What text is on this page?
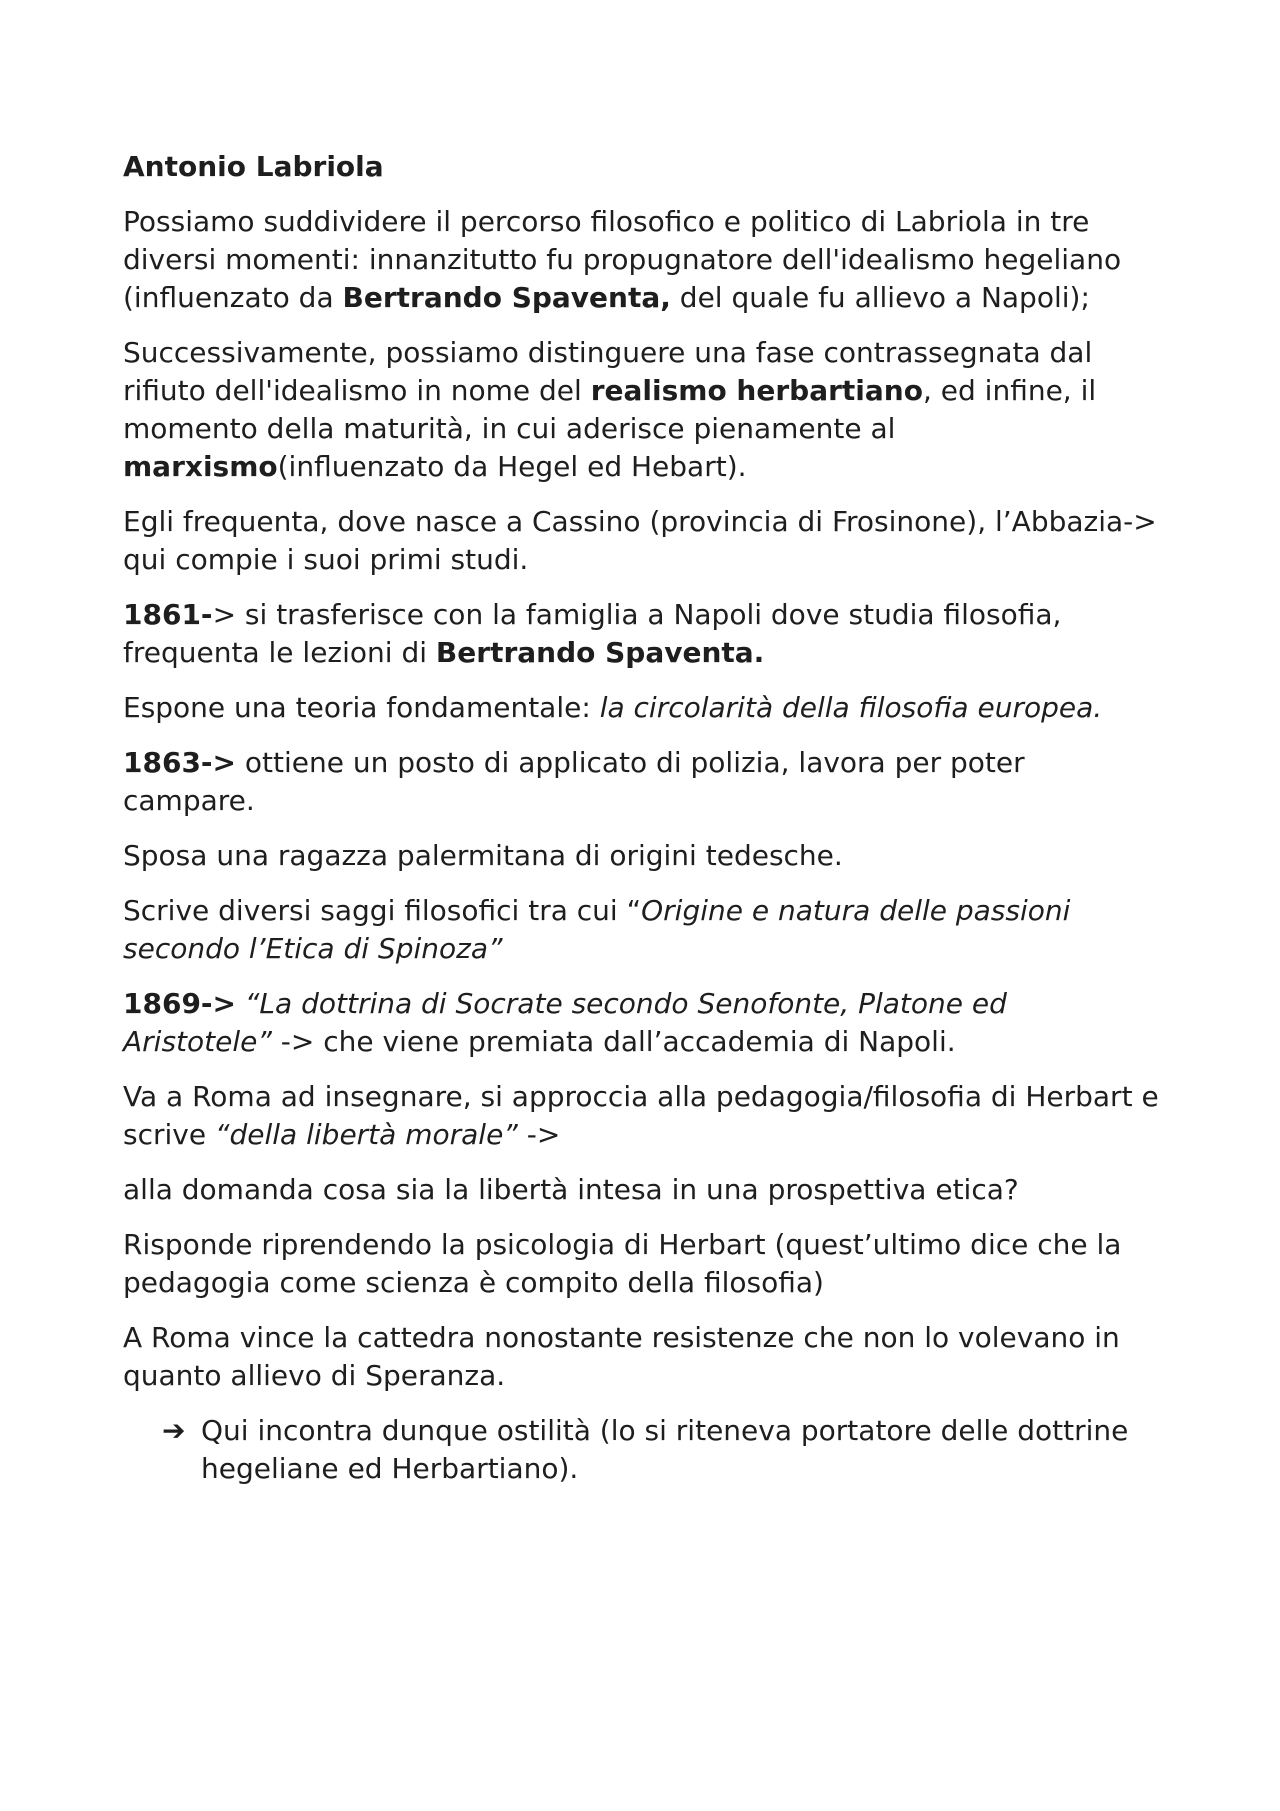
Antonio Labriola

Possiamo suddividere il percorso filosofico e politico di Labriola in tre diversi momenti: innanzitutto fu propugnatore dell'idealismo hegeliano (influenzato da Bertrando Spaventa, del quale fu allievo a Napoli);

Successivamente, possiamo distinguere una fase contrassegnata dal rifiuto dell'idealismo in nome del realismo herbartiano, ed infine, il momento della maturità, in cui aderisce pienamente al marxismo(influenzato da Hegel ed Hebart).

Egli frequenta, dove nasce a Cassino (provincia di Frosinone), l’Abbazia-> qui compie i suoi primi studi.

1861-> si trasferisce con la famiglia a Napoli dove studia filosofia, frequenta le lezioni di Bertrando Spaventa.

Espone una teoria fondamentale: la circolarità della filosofia europea.

1863-> ottiene un posto di applicato di polizia, lavora per poter campare.

Sposa una ragazza palermitana di origini tedesche.

Scrive diversi saggi filosofici tra cui “Origine e natura delle passioni secondo l’Etica di Spinoza”

1869-> “La dottrina di Socrate secondo Senofonte, Platone ed Aristotele” -> che viene premiata dall’accademia di Napoli.

Va a Roma ad insegnare, si approccia alla pedagogia/filosofia di Herbart e scrive “della libertà morale” ->

alla domanda cosa sia la libertà intesa in una prospettiva etica?

Risponde riprendendo la psicologia di Herbart (quest’ultimo dice che la pedagogia come scienza è compito della filosofia)

A Roma vince la cattedra nonostante resistenze che non lo volevano in quanto allievo di Speranza.

➔ Qui incontra dunque ostilità (lo si riteneva portatore delle dottrine hegeliane ed Herbartiano).
